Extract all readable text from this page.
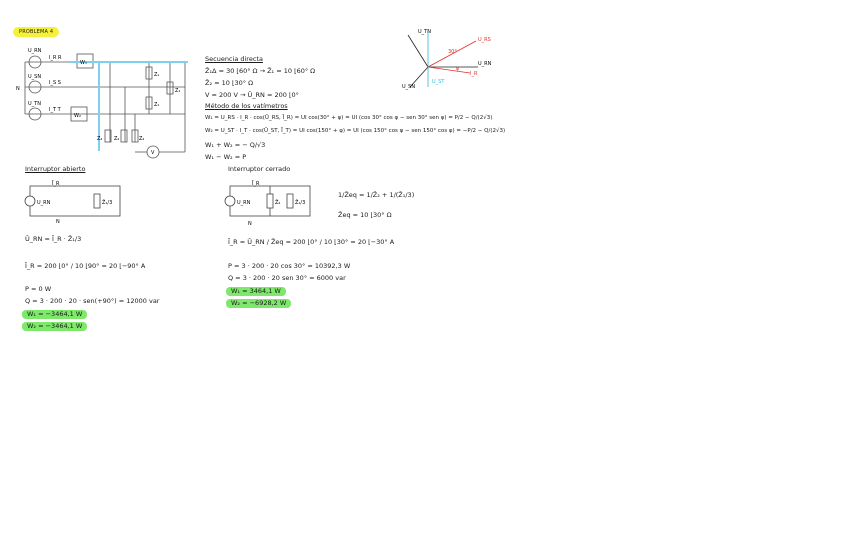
PROBLEMA 4
U_RN
U_SN
U_TN
I_R R
I_S S
I_T T
N
W₁
W₂
Z₁
Z₁
Z₁
Z₂ Z₂	Z₂
V
U_TN
U_RS
30°
U_RN
φ
I_R
U_ST
U_SN
Secuencia directa
Z̄₁Δ = 30 ⌊60° Ω → Z̄₁ = 10 ⌊60° Ω
Z̄₂ = 10 ⌊30° Ω
V = 200 V → Ū_RN = 200 ⌊0°
Método de los vatímetros
W₁ = U_RS · I_R · cos(Ū_RS, Ī_R) = UI cos(30° + φ) = UI (cos 30° cos φ − sen 30° sen φ) = P/2 − Q/(2√3)
W₂ = U_ST · I_T · cos(Ū_ST, Ī_T) = UI cos(150° + φ) = UI (cos 150° cos φ − sen 150° cos φ) = −P/2 − Q/(2√3)
W₁ + W₂ = − Q/√3
W₁ − W₂ = P
Interruptor abierto
Ī_R
U_RN	Z̄₁/3
N
Ū_RN = Ī_R · Z̄₁/3
Ī_R = 200 ⌊0° / 10 ⌊90° = 20 ⌊−90° A
P = 0 W
Q = 3 · 200 · 20 · sen(+90°) = 12000 var
W₁ = −3464,1 W
W₂ = −3464,1 W
Interruptor cerrado
Ī_R
U_RN	Z̄₂	Z̄₁/3
N
1/Z̄eq = 1/Z̄₂ + 1/(Z̄₁/3)
Z̄eq = 10 ⌊30° Ω
Ī_R = Ū_RN / Z̄eq = 200 ⌊0° / 10 ⌊30° = 20 ⌊−30° A
P = 3 · 200 · 20 cos 30° = 10392,3 W
Q = 3 · 200 · 20 sen 30° = 6000 var
W₁ = 3464,1 W
W₂ = −6928,2 W
